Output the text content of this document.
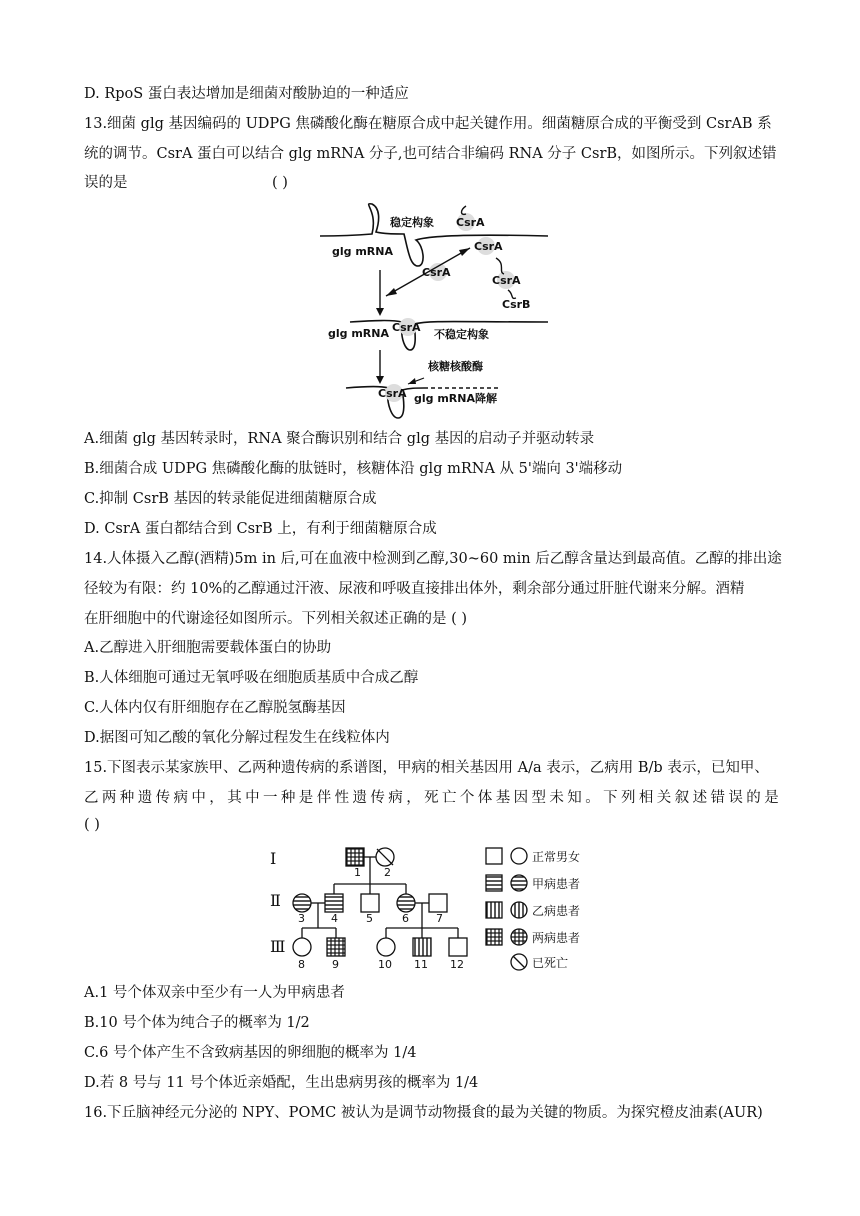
D. RpoS 蛋白表达增加是细菌对酸胁迫的一种适应
13.细菌 glg 基因编码的 UDPG 焦磷酸化酶在糖原合成中起关键作用。细菌糖原合成的平衡受到 CsrAB 系
统的调节。CsrA 蛋白可以结合 glg mRNA 分子,也可结合非编码 RNA 分子 CsrB，如图所示。下列叙述错
误的是	( )
稳定构象
glg mRNA
CsrA
CsrA
CsrA
CsrB
CsrA
CsrA
glg mRNA	不稳定构象
核糖核酸酶
CsrA glg mRNA降解
A.细菌 glg 基因转录时，RNA 聚合酶识别和结合 glg 基因的启动子并驱动转录
B.细菌合成 UDPG 焦磷酸化酶的肽链时，核糖体沿 glg mRNA 从 5'端向 3'端移动
C.抑制 CsrB 基因的转录能促进细菌糖原合成
D. CsrA 蛋白都结合到 CsrB 上，有利于细菌糖原合成
14.人体摄入乙醇(酒精)5m in 后,可在血液中检测到乙醇,30~60 min 后乙醇含量达到最高值。乙醇的排出途
径较为有限：约 10%的乙醇通过汗液、尿液和呼吸直接排出体外，剩余部分通过肝脏代谢来分解。酒精
在肝细胞中的代谢途径如图所示。下列相关叙述正确的是 ( )
A.乙醇进入肝细胞需要载体蛋白的协助
B.人体细胞可通过无氧呼吸在细胞质基质中合成乙醇
C.人体内仅有肝细胞存在乙醇脱氢酶基因
D.据图可知乙酸的氧化分解过程发生在线粒体内
15.下图表示某家族甲、乙两种遗传病的系谱图，甲病的相关基因用 A/a 表示，乙病用 B/b 表示，已知甲、
乙两种遗传病中，其中一种是伴性遗传病，死亡个体基因型未知。下列相关叙述错误的是
( )
Ⅰ
Ⅱ
Ⅲ
1 2
3 4	5	6 7
8 9	10 11 12
正常男女
甲病患者
乙病患者
两病患者
已死亡
A.1 号个体双亲中至少有一人为甲病患者
B.10 号个体为纯合子的概率为 1/2
C.6 号个体产生不含致病基因的卵细胞的概率为 1/4
D.若 8 号与 11 号个体近亲婚配，生出患病男孩的概率为 1/4
16.下丘脑神经元分泌的 NPY、POMC 被认为是调节动物摄食的最为关键的物质。为探究橙皮油素(AUR)
